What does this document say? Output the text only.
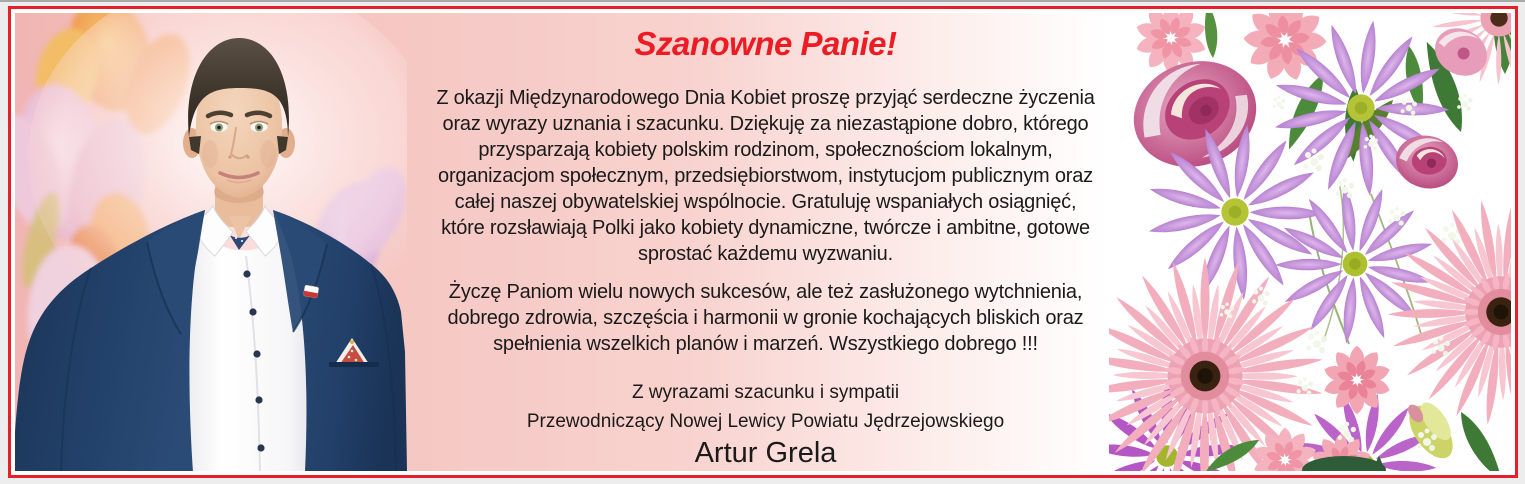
Szanowne Panie!
Z okazji Międzynarodowego Dnia Kobiet proszę przyjąć serdeczne życzenia
oraz wyrazy uznania i szacunku. Dziękuję za niezastąpione dobro, którego
przysparzają kobiety polskim rodzinom, społecznościom lokalnym,
organizacjom społecznym, przedsiębiorstwom, instytucjom publicznym oraz
całej naszej obywatelskiej wspólnocie. Gratuluję wspaniałych osiągnięć,
które rozsławiają Polki jako kobiety dynamiczne, twórcze i ambitne, gotowe
sprostać każdemu wyzwaniu.
Życzę Paniom wielu nowych sukcesów, ale też zasłużonego wytchnienia,
dobrego zdrowia, szczęścia i harmonii w gronie kochających bliskich oraz
spełnienia wszelkich planów i marzeń. Wszystkiego dobrego !!!
Z wyrazami szacunku i sympatii
Przewodniczący Nowej Lewicy Powiatu Jędrzejowskiego
Artur Grela
